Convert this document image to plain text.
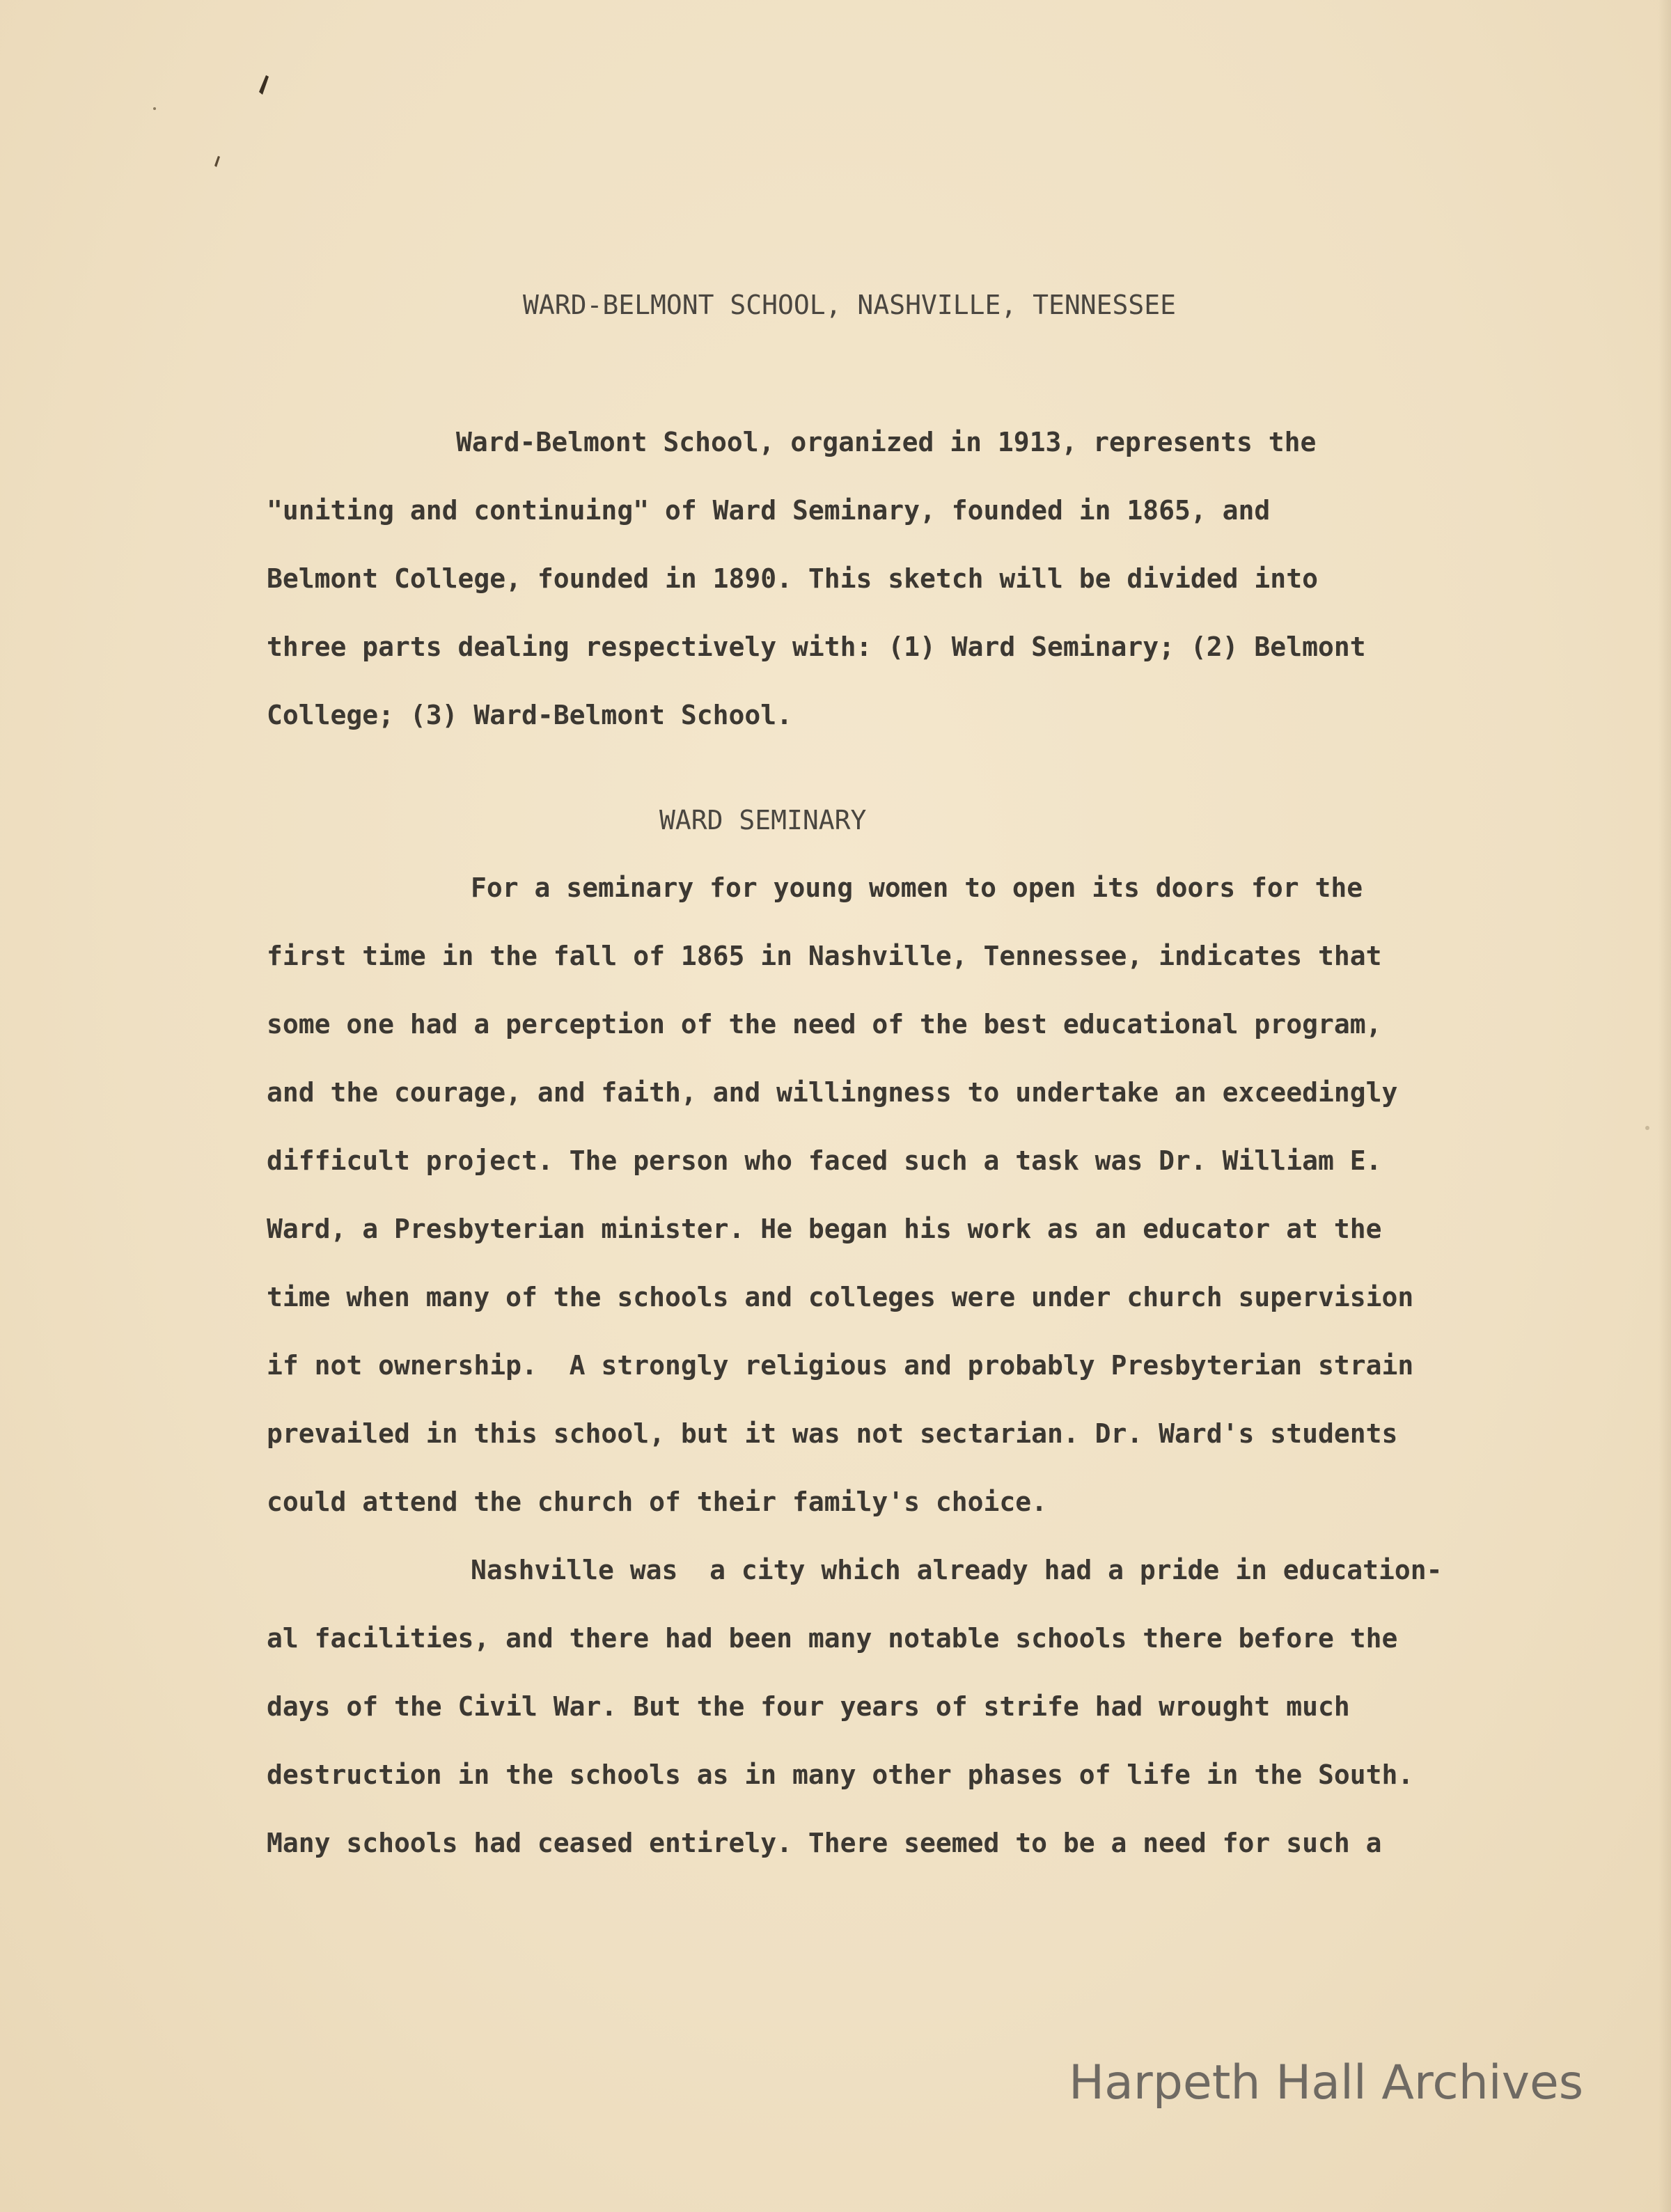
WARD-BELMONT SCHOOL, NASHVILLE, TENNESSEE

Ward-Belmont School, organized in 1913, represents the

"uniting and continuing" of Ward Seminary, founded in 1865, and

Belmont College, founded in 1890. This sketch will be divided into

three parts dealing respectively with: (1) Ward Seminary; (2) Belmont

College; (3) Ward-Belmont School.

WARD SEMINARY

For a seminary for young women to open its doors for the

first time in the fall of 1865 in Nashville, Tennessee, indicates that

some one had a perception of the need of the best educational program,

and the courage, and faith, and willingness to undertake an exceedingly

difficult project. The person who faced such a task was Dr. William E.

Ward, a Presbyterian minister. He began his work as an educator at the

time when many of the schools and colleges were under church supervision

if not ownership.  A strongly religious and probably Presbyterian strain

prevailed in this school, but it was not sectarian. Dr. Ward's students

could attend the church of their family's choice.

Nashville was  a city which already had a pride in education-

al facilities, and there had been many notable schools there before the

days of the Civil War. But the four years of strife had wrought much

destruction in the schools as in many other phases of life in the South.

Many schools had ceased entirely. There seemed to be a need for such a

Harpeth Hall Archives
